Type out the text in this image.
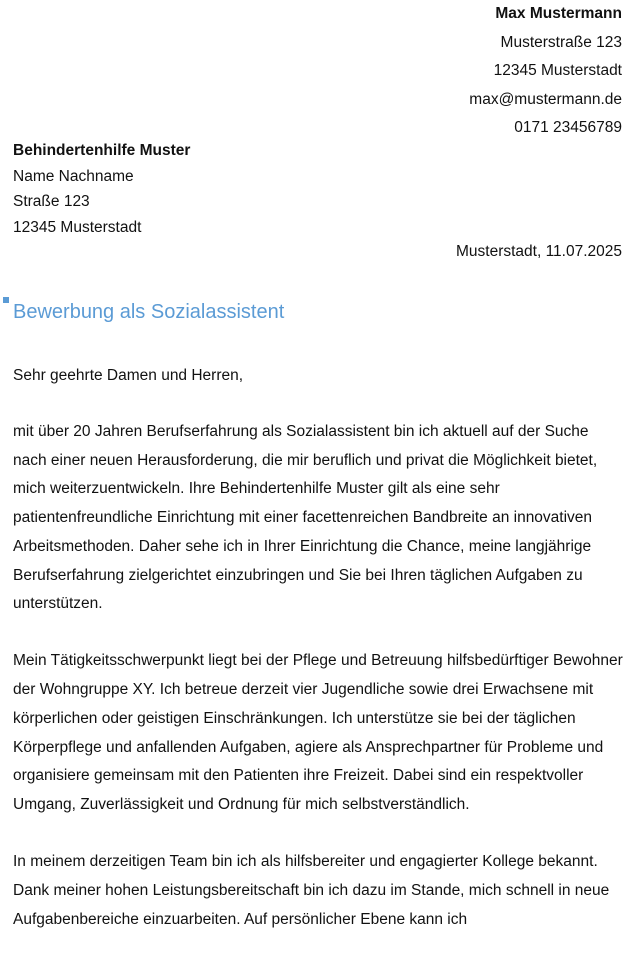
Max Mustermann
Musterstraße 123
12345 Musterstadt
max@mustermann.de
0171 23456789
Behindertenhilfe Muster
Name Nachname
Straße 123
12345 Musterstadt
Musterstadt, 11.07.2025
Bewerbung als Sozialassistent

Sehr geehrte Damen und Herren,

mit über 20 Jahren Berufserfahrung als Sozialassistent bin ich aktuell auf der Suche nach einer neuen Herausforderung, die mir beruflich und privat die Möglichkeit bietet, mich weiterzuentwickeln. Ihre Behindertenhilfe Muster gilt als eine sehr patientenfreundliche Einrichtung mit einer facettenreichen Bandbreite an innovativen Arbeitsmethoden. Daher sehe ich in Ihrer Einrichtung die Chance, meine langjährige Berufserfahrung zielgerichtet einzubringen und Sie bei Ihren täglichen Aufgaben zu unterstützen.

Mein Tätigkeitsschwerpunkt liegt bei der Pflege und Betreuung hilfsbedürftiger Bewohner der Wohngruppe XY. Ich betreue derzeit vier Jugendliche sowie drei Erwachsene mit körperlichen oder geistigen Einschränkungen. Ich unterstütze sie bei der täglichen Körperpflege und anfallenden Aufgaben, agiere als Ansprechpartner für Probleme und organisiere gemeinsam mit den Patienten ihre Freizeit. Dabei sind ein respektvoller Umgang, Zuverlässigkeit und Ordnung für mich selbstverständlich.

In meinem derzeitigen Team bin ich als hilfsbereiter und engagierter Kollege bekannt. Dank meiner hohen Leistungsbereitschaft bin ich dazu im Stande, mich schnell in neue Aufgabenbereiche einzuarbeiten. Auf persönlicher Ebene kann ich
